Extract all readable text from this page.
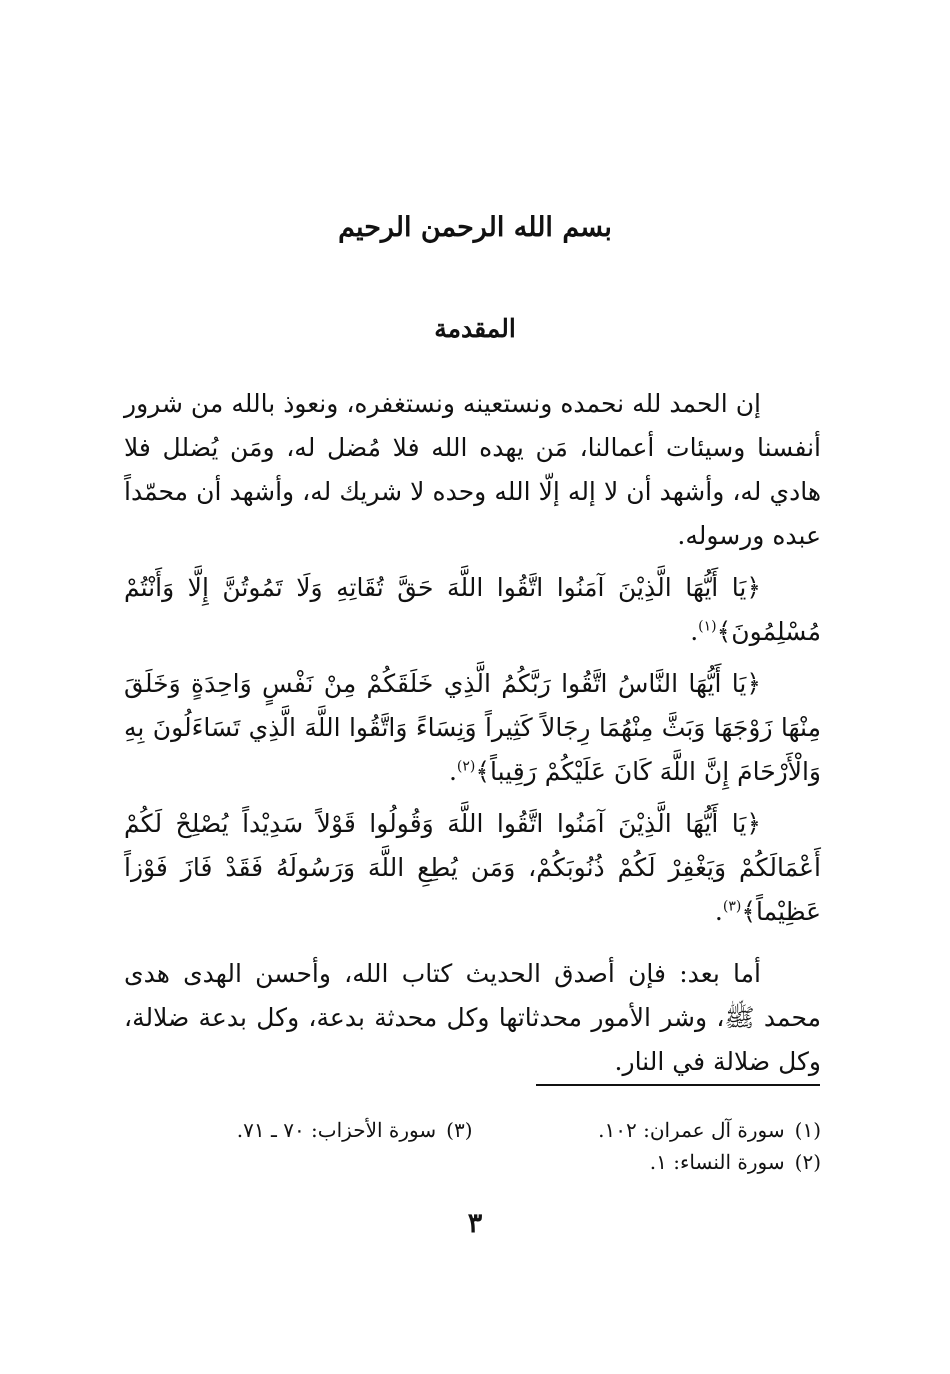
بسم الله الرحمن الرحيم
المقدمة

إن الحمد لله نحمده ونستعينه ونستغفره، ونعوذ بالله من شرور أنفسنا وسيئات أعمالنا، مَن يهده الله فلا مُضل له، ومَن يُضلل فلا هادي له، وأشهد أن لا إله إلّا الله وحده لا شريك له، وأشهد أن محمّداً عبده ورسوله.

﴿يَا أَيُّهَا الَّذِيْنَ آمَنُوا اتَّقُوا اللَّهَ حَقَّ تُقَاتِهِ وَلَا تَمُوتُنَّ إِلَّا وَأَنْتُمْ مُسْلِمُونَ﴾$^{(١)}$.

﴿يَا أَيُّهَا النَّاسُ اتَّقُوا رَبَّكُمُ الَّذِي خَلَقَكُمْ مِنْ نَفْسٍ وَاحِدَةٍ وَخَلَقَ مِنْهَا زَوْجَهَا وَبَثَّ مِنْهُمَا رِجَالاً كَثِيراً وَنِسَاءً وَاتَّقُوا اللَّهَ الَّذِي تَسَاءَلُونَ بِهِ وَالْأَرْحَامَ إِنَّ اللَّهَ كَانَ عَلَيْكُمْ رَقِيباً﴾$^{(٢)}$.

﴿يَا أَيُّهَا الَّذِيْنَ آمَنُوا اتَّقُوا اللَّهَ وَقُولُوا قَوْلاً سَدِيْداً يُصْلِحْ لَكُمْ أَعْمَالَكُمْ وَيَغْفِرْ لَكُمْ ذُنُوبَكُمْ، وَمَن يُطِعِ اللَّهَ وَرَسُولَهُ فَقَدْ فَازَ فَوْزاً عَظِيْماً﴾$^{(٣)}$.

أما بعد: فإن أصدق الحديث كتاب الله، وأحسن الهدى هدى محمد ﷺ، وشر الأمور محدثاتها وكل محدثة بدعة، وكل بدعة ضلالة، وكل ضلالة في النار.

(١)سورة آل عمران: ١٠٢.
(٣)سورة الأحزاب: ٧٠ ـ ٧١.
(٢)سورة النساء: ١.
٣
